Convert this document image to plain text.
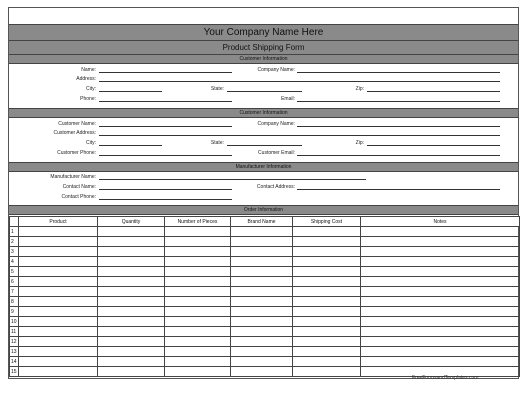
Your Company Name Here
Product Shipping Form
Customer Information
Name:	Company Name:
Address:
City:	State:	Zip:
Phone:	Email:
Customer Information
Customer Name:	Company Name:
Customer Address:
City:	State:	Zip:
Customer Phone:	Customer Email:
Manufacturer Information
Manufacturer Name:
Contact Name:	Contact Address:
Contact Phone:
Order Information
	Product	Quantity	Number of Pieces	Brand Name	Shipping Cost	Notes
1						
2						
3						
4						
5						
6						
7						
8						
9						
10						
11						
12						
13						
14						
15						
FreeFormsandTemplates.com
